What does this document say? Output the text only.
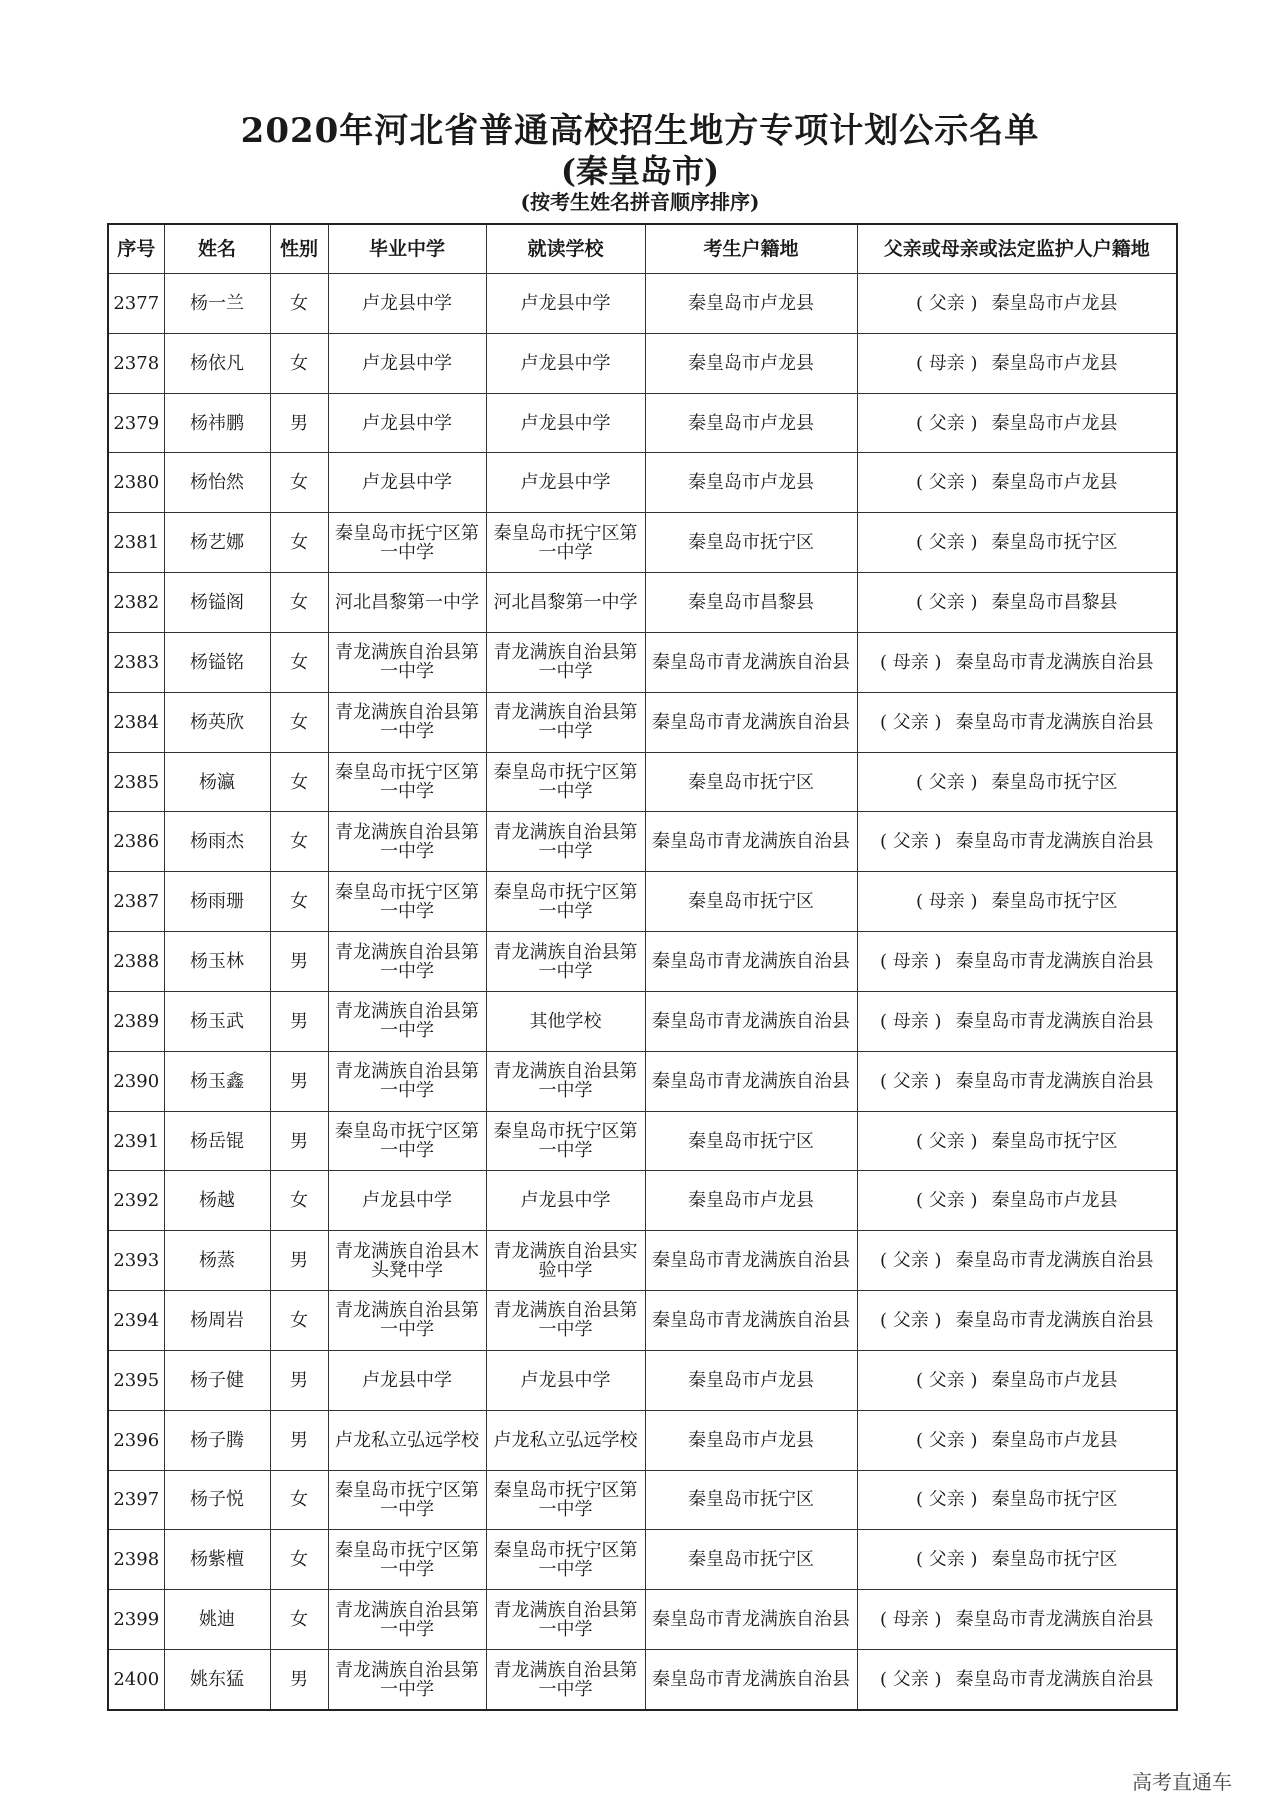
2020年河北省普通高校招生地方专项计划公示名单
(秦皇岛市)
(按考生姓名拼音顺序排序)
序号	姓名	性别	毕业中学	就读学校	考生户籍地	父亲或母亲或法定监护人户籍地
2377	杨一兰	女	卢龙县中学	卢龙县中学	秦皇岛市卢龙县	( 父亲 ) 秦皇岛市卢龙县
2378	杨依凡	女	卢龙县中学	卢龙县中学	秦皇岛市卢龙县	( 母亲 ) 秦皇岛市卢龙县
2379	杨祎鹏	男	卢龙县中学	卢龙县中学	秦皇岛市卢龙县	( 父亲 ) 秦皇岛市卢龙县
2380	杨怡然	女	卢龙县中学	卢龙县中学	秦皇岛市卢龙县	( 父亲 ) 秦皇岛市卢龙县
2381	杨艺娜	女	秦皇岛市抚宁区第一中学	秦皇岛市抚宁区第一中学	秦皇岛市抚宁区	( 父亲 ) 秦皇岛市抚宁区
2382	杨镒阁	女	河北昌黎第一中学	河北昌黎第一中学	秦皇岛市昌黎县	( 父亲 ) 秦皇岛市昌黎县
2383	杨镒铭	女	青龙满族自治县第一中学	青龙满族自治县第一中学	秦皇岛市青龙满族自治县	( 母亲 ) 秦皇岛市青龙满族自治县
2384	杨英欣	女	青龙满族自治县第一中学	青龙满族自治县第一中学	秦皇岛市青龙满族自治县	( 父亲 ) 秦皇岛市青龙满族自治县
2385	杨瀛	女	秦皇岛市抚宁区第一中学	秦皇岛市抚宁区第一中学	秦皇岛市抚宁区	( 父亲 ) 秦皇岛市抚宁区
2386	杨雨杰	女	青龙满族自治县第一中学	青龙满族自治县第一中学	秦皇岛市青龙满族自治县	( 父亲 ) 秦皇岛市青龙满族自治县
2387	杨雨珊	女	秦皇岛市抚宁区第一中学	秦皇岛市抚宁区第一中学	秦皇岛市抚宁区	( 母亲 ) 秦皇岛市抚宁区
2388	杨玉林	男	青龙满族自治县第一中学	青龙满族自治县第一中学	秦皇岛市青龙满族自治县	( 母亲 ) 秦皇岛市青龙满族自治县
2389	杨玉武	男	青龙满族自治县第一中学	其他学校	秦皇岛市青龙满族自治县	( 母亲 ) 秦皇岛市青龙满族自治县
2390	杨玉鑫	男	青龙满族自治县第一中学	青龙满族自治县第一中学	秦皇岛市青龙满族自治县	( 父亲 ) 秦皇岛市青龙满族自治县
2391	杨岳锟	男	秦皇岛市抚宁区第一中学	秦皇岛市抚宁区第一中学	秦皇岛市抚宁区	( 父亲 ) 秦皇岛市抚宁区
2392	杨越	女	卢龙县中学	卢龙县中学	秦皇岛市卢龙县	( 父亲 ) 秦皇岛市卢龙县
2393	杨蒸	男	青龙满族自治县木头凳中学	青龙满族自治县实验中学	秦皇岛市青龙满族自治县	( 父亲 ) 秦皇岛市青龙满族自治县
2394	杨周岩	女	青龙满族自治县第一中学	青龙满族自治县第一中学	秦皇岛市青龙满族自治县	( 父亲 ) 秦皇岛市青龙满族自治县
2395	杨子健	男	卢龙县中学	卢龙县中学	秦皇岛市卢龙县	( 父亲 ) 秦皇岛市卢龙县
2396	杨子腾	男	卢龙私立弘远学校	卢龙私立弘远学校	秦皇岛市卢龙县	( 父亲 ) 秦皇岛市卢龙县
2397	杨子悦	女	秦皇岛市抚宁区第一中学	秦皇岛市抚宁区第一中学	秦皇岛市抚宁区	( 父亲 ) 秦皇岛市抚宁区
2398	杨紫檀	女	秦皇岛市抚宁区第一中学	秦皇岛市抚宁区第一中学	秦皇岛市抚宁区	( 父亲 ) 秦皇岛市抚宁区
2399	姚迪	女	青龙满族自治县第一中学	青龙满族自治县第一中学	秦皇岛市青龙满族自治县	( 母亲 ) 秦皇岛市青龙满族自治县
2400	姚东猛	男	青龙满族自治县第一中学	青龙满族自治县第一中学	秦皇岛市青龙满族自治县	( 父亲 ) 秦皇岛市青龙满族自治县
高考直通车
